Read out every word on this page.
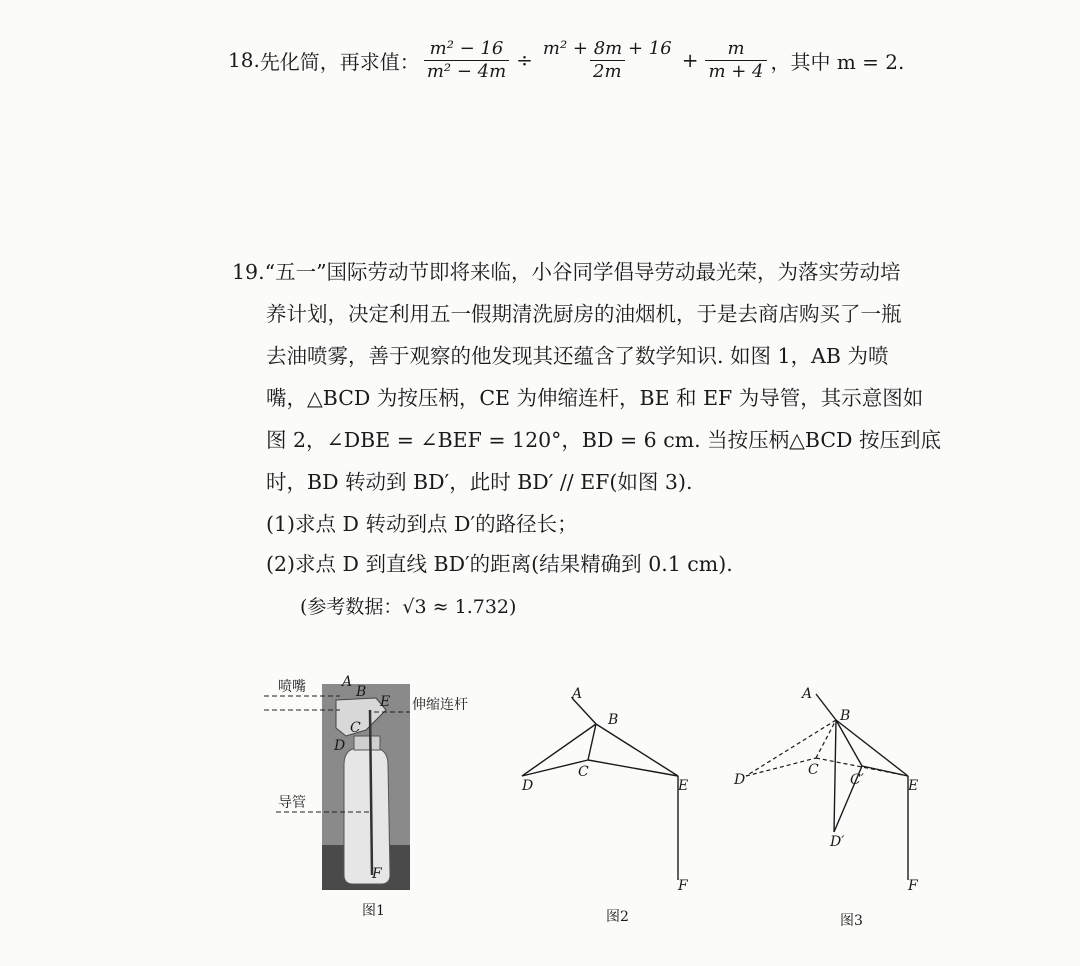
18. 先化简，再求值： $\frac{\text{m² − 16}}{\text{m² − 4m}} \div \frac{\text{m² + 8m + 16}}{2m} + \frac{m}{m + 4}$ ，其中 m = 2.
19.“五一”国际劳动节即将来临，小谷同学倡导劳动最光荣，为落实劳动培
养计划，决定利用五一假期清洗厨房的油烟机，于是去商店购买了一瓶
去油喷雾，善于观察的他发现其还蕴含了数学知识. 如图 1，AB 为喷
嘴，△BCD 为按压柄，CE 为伸缩连杆，BE 和 EF 为导管，其示意图如
图 2，∠DBE = ∠BEF = 120°，BD = 6 cm. 当按压柄△BCD 按压到底
时，BD 转动到 BD′，此时 BD′ // EF(如图 3).
(1)求点 D 转动到点 D′的路径长；
(2)求点 D 到直线 BD′的距离(结果精确到 0.1 cm).
(参考数据：√3 ≈ 1.732)
喷嘴
伸缩连杆
导管
A
B
E
C
D
F
图1
A
B
C
D	E
F
图2
A
B
C
C′
D
D′
E
F
图3
